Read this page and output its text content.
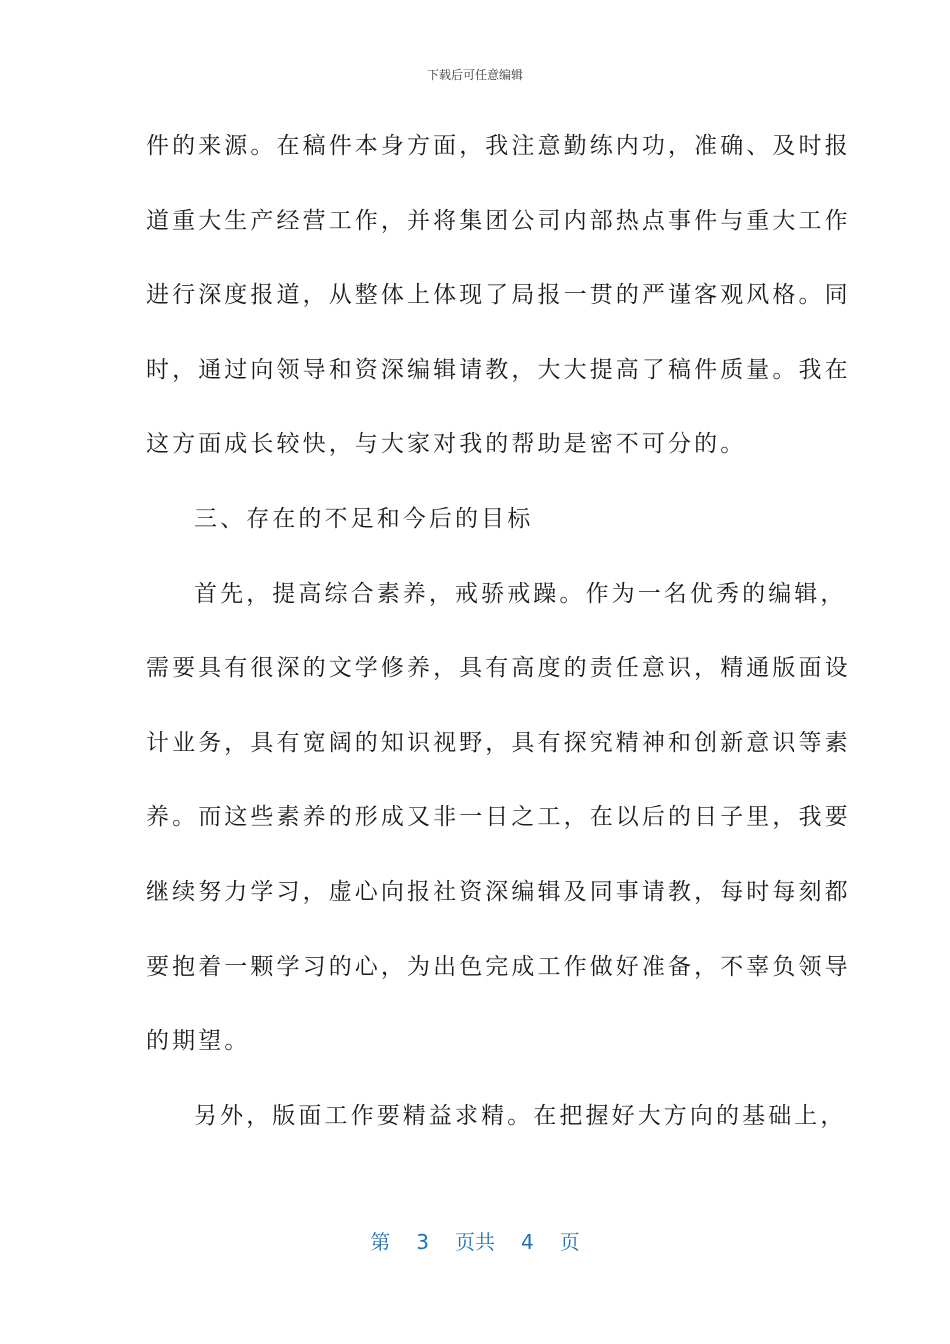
下载后可任意编辑
件的来源。在稿件本身方面，我注意勤练内功，准确、及时报
道重大生产经营工作，并将集团公司内部热点事件与重大工作
进行深度报道，从整体上体现了局报一贯的严谨客观风格。同
时，通过向领导和资深编辑请教，大大提高了稿件质量。我在
这方面成长较快，与大家对我的帮助是密不可分的。
三、存在的不足和今后的目标
首先，提高综合素养，戒骄戒躁。作为一名优秀的编辑，
需要具有很深的文学修养，具有高度的责任意识，精通版面设
计业务，具有宽阔的知识视野，具有探究精神和创新意识等素
养。而这些素养的形成又非一日之工，在以后的日子里，我要
继续努力学习，虚心向报社资深编辑及同事请教，每时每刻都
要抱着一颗学习的心，为出色完成工作做好准备，不辜负领导
的期望。
另外，版面工作要精益求精。在把握好大方向的基础上，
第 3 页共 4 页
